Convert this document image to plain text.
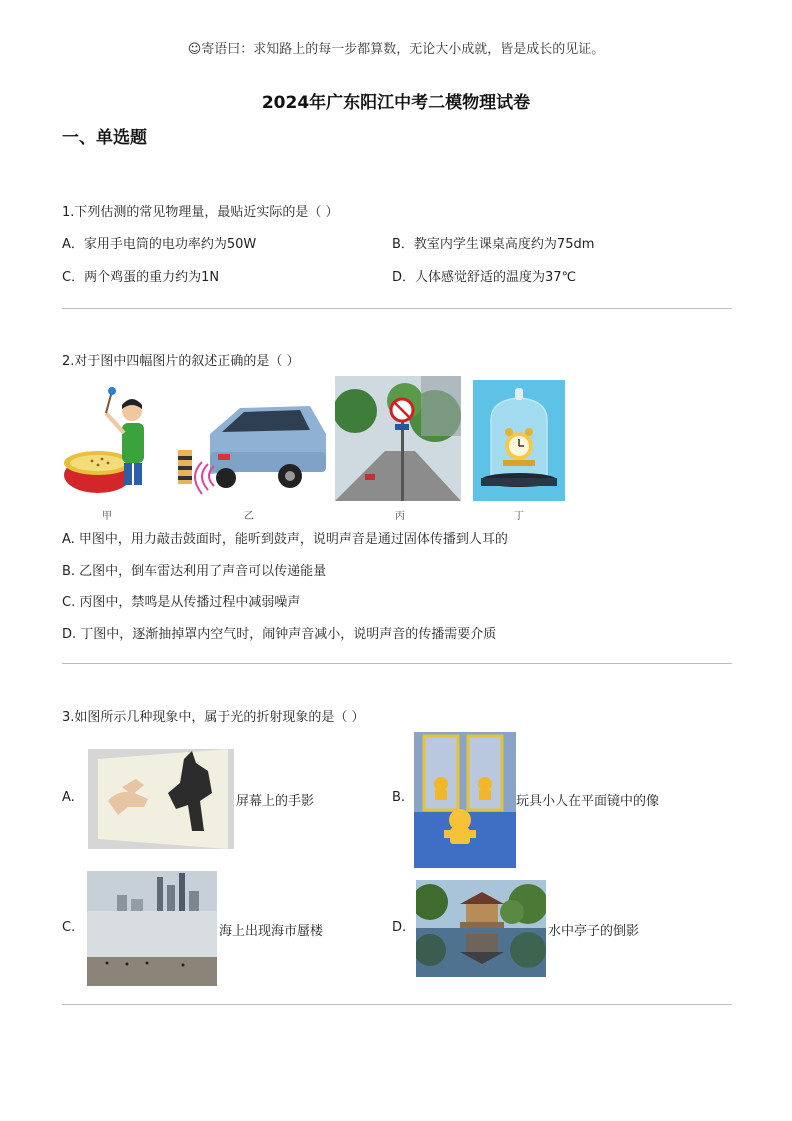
☺寄语曰：求知路上的每一步都算数，无论大小成就，皆是成长的见证。
2024年广东阳江中考二模物理试卷
一、单选题
1.下列估测的常见物理量，最贴近实际的是（ ）
A．家用手电筒的电功率约为50W	B．教室内学生课桌高度约为75dm
C．两个鸡蛋的重力约为1N	D．人体感觉舒适的温度为37℃
2.对于图中四幅图片的叙述正确的是（ ）
甲	乙	丙	丁
A. 甲图中，用力敲击鼓面时，能听到鼓声，说明声音是通过固体传播到人耳的
B. 乙图中，倒车雷达利用了声音可以传递能量
C. 丙图中，禁鸣是从传播过程中减弱噪声
D. 丁图中，逐渐抽掉罩内空气时，闹钟声音减小，说明声音的传播需要介质
3.如图所示几种现象中，属于光的折射现象的是（ ）
A.	屏幕上的手影	B.	玩具小人在平面镜中的像
C.	海上出现海市蜃楼	D.	水中亭子的倒影
